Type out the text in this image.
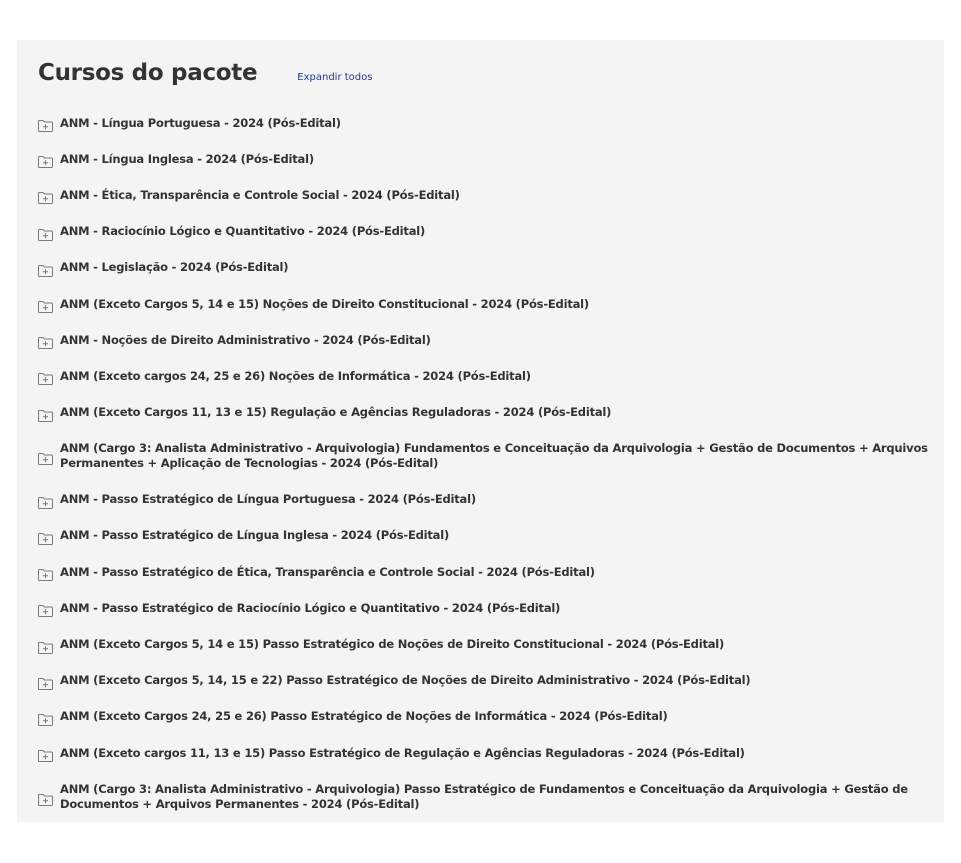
Cursos do pacote	Expandir todos
ANM - Língua Portuguesa - 2024 (Pós-Edital)
ANM - Língua Inglesa - 2024 (Pós-Edital)
ANM - Ética, Transparência e Controle Social - 2024 (Pós-Edital)
ANM - Raciocínio Lógico e Quantitativo - 2024 (Pós-Edital)
ANM - Legislação - 2024 (Pós-Edital)
ANM (Exceto Cargos 5, 14 e 15) Noções de Direito Constitucional - 2024 (Pós-Edital)
ANM - Noções de Direito Administrativo - 2024 (Pós-Edital)
ANM (Exceto cargos 24, 25 e 26) Noções de Informática - 2024 (Pós-Edital)
ANM (Exceto Cargos 11, 13 e 15) Regulação e Agências Reguladoras - 2024 (Pós-Edital)
ANM (Cargo 3: Analista Administrativo - Arquivologia) Fundamentos e Conceituação da Arquivologia + Gestão de Documentos + Arquivos Permanentes + Aplicação de Tecnologias - 2024 (Pós-Edital)
ANM - Passo Estratégico de Língua Portuguesa - 2024 (Pós-Edital)
ANM - Passo Estratégico de Língua Inglesa - 2024 (Pós-Edital)
ANM - Passo Estratégico de Ética, Transparência e Controle Social - 2024 (Pós-Edital)
ANM - Passo Estratégico de Raciocínio Lógico e Quantitativo - 2024 (Pós-Edital)
ANM (Exceto Cargos 5, 14 e 15) Passo Estratégico de Noções de Direito Constitucional - 2024 (Pós-Edital)
ANM (Exceto Cargos 5, 14, 15 e 22) Passo Estratégico de Noções de Direito Administrativo - 2024 (Pós-Edital)
ANM (Exceto Cargos 24, 25 e 26) Passo Estratégico de Noções de Informática - 2024 (Pós-Edital)
ANM (Exceto cargos 11, 13 e 15) Passo Estratégico de Regulação e Agências Reguladoras - 2024 (Pós-Edital)
ANM (Cargo 3: Analista Administrativo - Arquivologia) Passo Estratégico de Fundamentos e Conceituação da Arquivologia + Gestão de Documentos + Arquivos Permanentes - 2024 (Pós-Edital)
